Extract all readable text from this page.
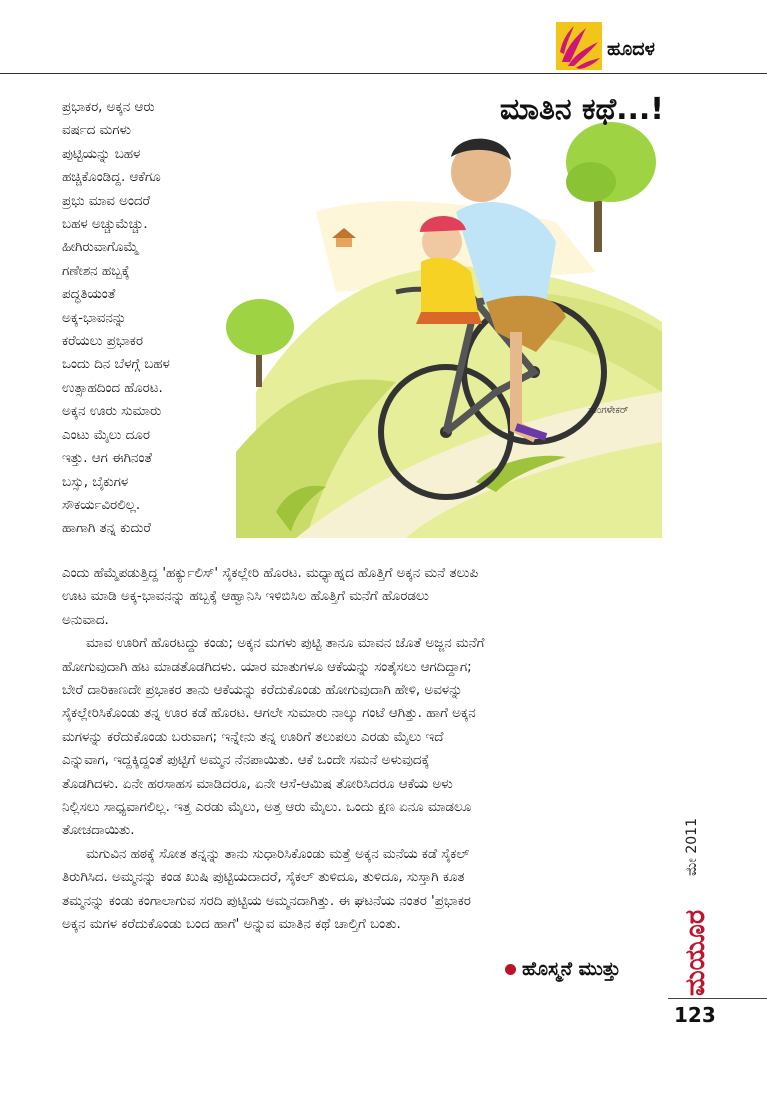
ಹೂದಳ
ಮಾತಿನ ಕಥೆ...!
ಸಾಂಗಳೇಕರ್
ಪ್ರಭಾಕರ, ಅಕ್ಕನ ಆರು
ವರ್ಷದ ಮಗಳು
ಪುಟ್ಟಿಯನ್ನು ಬಹಳ
ಹಚ್ಚಿಕೊಂಡಿದ್ದ. ಆಕೆಗೂ
ಪ್ರಭು ಮಾವ ಅಂದರೆ
ಬಹಳ ಅಚ್ಚುಮೆಚ್ಚು.
ಹೀಗಿರುವಾಗೊಮ್ಮೆ
ಗಣೇಶನ ಹಬ್ಬಕ್ಕೆ
ಪದ್ಧತಿಯಂತೆ
ಅಕ್ಕ-ಭಾವನನ್ನು
ಕರೆಯಲು ಪ್ರಭಾಕರ
ಒಂದು ದಿನ ಬೆಳಗ್ಗೆ ಬಹಳ
ಉತ್ಸಾಹದಿಂದ ಹೊರಟ.
ಅಕ್ಕನ ಊರು ಸುಮಾರು
ಎಂಟು ಮೈಲು ದೂರ
ಇತ್ತು. ಆಗ ಈಗಿನಂತೆ
ಬಸ್ಸು, ಬೈಕುಗಳ
ಸೌಕರ್ಯವಿರಲಿಲ್ಲ.
ಹಾಗಾಗಿ ತನ್ನ ಕುದುರೆ
ಎಂದು ಹೆಮ್ಮೆಪಡುತ್ತಿದ್ದ 'ಹರ್ಕ್ಯುಲಿಸ್' ಸೈಕಲ್ಲೇರಿ ಹೊರಟ. ಮಧ್ಯಾಹ್ನದ ಹೊತ್ತಿಗೆ ಅಕ್ಕನ ಮನೆ ತಲುಪಿ
ಊಟ ಮಾಡಿ ಅಕ್ಕ-ಭಾವನನ್ನು ಹಬ್ಬಕ್ಕೆ ಆಹ್ವಾನಿಸಿ ಇಳಿಬಿಸಿಲ ಹೊತ್ತಿಗೆ ಮನೆಗೆ ಹೊರಡಲು
ಅನುವಾದ.
ಮಾವ ಊರಿಗೆ ಹೊರಟದ್ದು ಕಂಡು; ಅಕ್ಕನ ಮಗಳು ಪುಟ್ಟಿ ತಾನೂ ಮಾವನ ಜೊತೆ ಅಜ್ಜನ ಮನೆಗೆ
ಹೋಗುವುದಾಗಿ ಹಟ ಮಾಡತೊಡಗಿದಳು. ಯಾರ ಮಾತುಗಳೂ ಆಕೆಯನ್ನು ಸಂತೈಸಲು ಆಗದಿದ್ದಾಗ;
ಬೇರೆ ದಾರಿಕಾಣದೇ ಪ್ರಭಾಕರ ತಾನು ಆಕೆಯನ್ನು ಕರೆದುಕೊಂಡು ಹೋಗುವುದಾಗಿ ಹೇಳಿ, ಅವಳನ್ನು
ಸೈಕಲ್ಲೇರಿಸಿಕೊಂಡು ತನ್ನ ಊರ ಕಡೆ ಹೊರಟ. ಆಗಲೇ ಸುಮಾರು ನಾಲ್ಕು ಗಂಟೆ ಆಗಿತ್ತು. ಹಾಗೆ ಅಕ್ಕನ
ಮಗಳನ್ನು ಕರೆದುಕೊಂಡು ಬರುವಾಗ; ಇನ್ನೇನು ತನ್ನ ಊರಿಗೆ ತಲುಪಲು ಎರಡು ಮೈಲು ಇದೆ
ಎನ್ನುವಾಗ, ಇದ್ದಕ್ಕಿದ್ದಂತೆ ಪುಟ್ಟಿಗೆ ಅಮ್ಮನ ನೆನಪಾಯಿತು. ಆಕೆ ಒಂದೇ ಸಮನೆ ಅಳುವುದಕ್ಕೆ
ತೊಡಗಿದಳು. ಏನೇ ಹರಸಾಹಸ ಮಾಡಿದರೂ, ಏನೇ ಆಸೆ-ಆಮಿಷ ತೋರಿಸಿದರೂ ಆಕೆಯ ಅಳು
ನಿಲ್ಲಿಸಲು ಸಾಧ್ಯವಾಗಲಿಲ್ಲ. ಇತ್ತ ಎರಡು ಮೈಲು, ಅತ್ತ ಆರು ಮೈಲು. ಒಂದು ಕ್ಷಣ ಏನೂ ಮಾಡಲೂ
ತೋಚದಾಯಿತು.
ಮಗುವಿನ ಹಠಕ್ಕೆ ಸೋತ ತನ್ನನ್ನು ತಾನು ಸುಧಾರಿಸಿಕೊಂಡು ಮತ್ತೆ ಅಕ್ಕನ ಮನೆಯ ಕಡೆ ಸೈಕಲ್
ತಿರುಗಿಸಿದ. ಅಮ್ಮನನ್ನು ಕಂಡ ಖುಷಿ ಪುಟ್ಟಿಯದಾದರೆ, ಸೈಕಲ್ ತುಳಿದೂ, ತುಳಿದೂ, ಸುಸ್ತಾಗಿ ಕೂತ
ತಮ್ಮನನ್ನು ಕಂಡು ಕಂಗಾಲಾಗುವ ಸರದಿ ಪುಟ್ಟಿಯ ಅಮ್ಮನದಾಗಿತ್ತು. ಈ ಘಟನೆಯ ನಂತರ 'ಪ್ರಭಾಕರ
ಅಕ್ಕನ ಮಗಳ ಕರೆದುಕೊಂಡು ಬಂದ ಹಾಗೆ' ಅನ್ನುವ ಮಾತಿನ ಕಥೆ ಚಾಲ್ತಿಗೆ ಬಂತು.
ಹೊಸ್ಮನೆ ಮುತ್ತು
ಮೇ 2011
ಮಯೂರ
123
